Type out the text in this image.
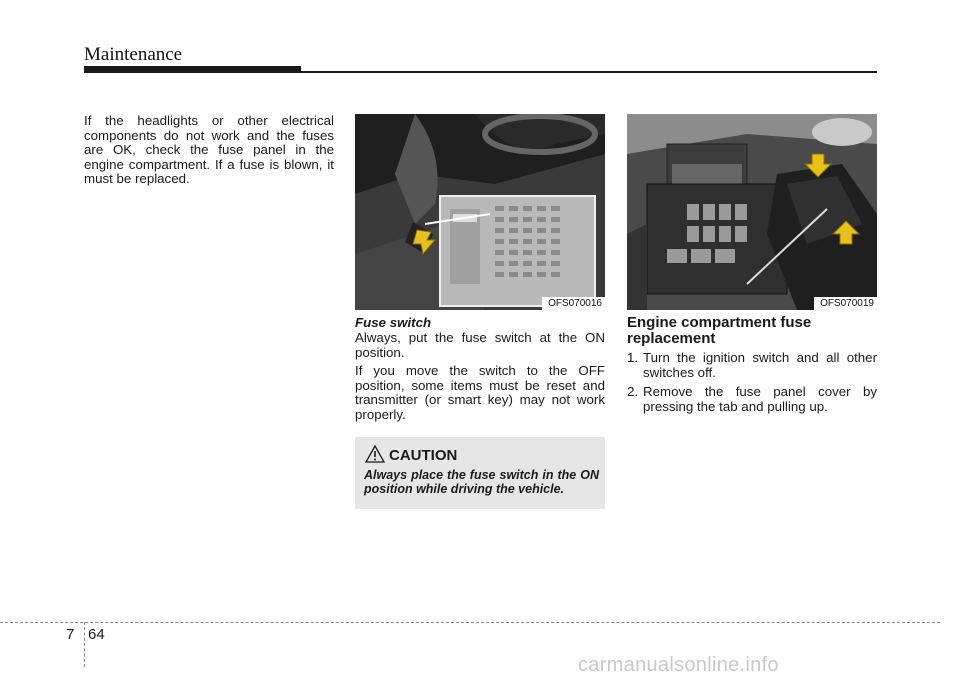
Maintenance
If the headlights or other electrical components do not work and the fuses are OK, check the fuse panel in the engine compartment. If a fuse is blown, it must be replaced.
OFS070016	OFS070019
Fuse switch

Always, put the fuse switch at the ON position.

If you move the switch to the OFF position, some items must be reset and transmitter (or smart key) may not work properly.

CAUTION
Always place the fuse switch in the ON position while driving the vehicle.
Engine compartment fuse replacement
1. Turn the ignition switch and all other switches off.
2. Remove the fuse panel cover by pressing the tab and pulling up.
7 64
carmanualsonline.info
